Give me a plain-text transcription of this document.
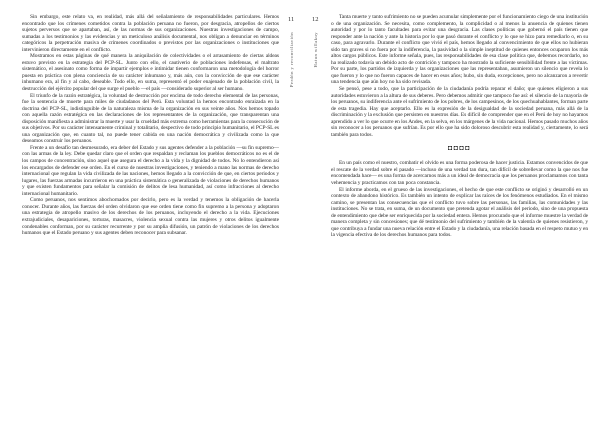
Sin embargo, este relato va, en realidad, más allá del señalamiento de responsabilidades particulares. Hemos encontrado que los crímenes cometidos contra la población peruana no fueron, por desgracia, atropellos de ciertos sujetos perversos que se apartaban, así, de las normas de sus organizaciones. Nuestras investigaciones de campo, sumadas a los testimonios y las evidencias y un meticuloso análisis documental, nos obligan a denunciar en términos categóricos la perpetración masiva de crímenes coordinados o previstos por las organizaciones o instituciones que intervinieron directamente en el conflicto.

Mostramos en estas páginas de qué manera la aniquilación de colectividades o el arrasamiento de ciertas aldeas estuvo previsto en la estrategia del PCP-SL. Junto con ello, el cautiverio de poblaciones indefensas, el maltrato sistemático, el asesinato como forma de impartir ejemplos e intimidar tienen conformaron una metodología del horror puesta en práctica con plena conciencia de su carácter inhumano y, más aún, con la convicción de que ese carácter inhumano era, al fin y al cabo, deseable. Todo ello, en suma, representó el poder enajenado de la población civil, la destrucción del ejército popular del que surge el pueblo —el país —considerado superior al ser humano.

El triunfo de la razón estratégica, la voluntad de destrucción por encima de todo derecho elemental de las personas, fue la sentencia de muerte para miles de ciudadanos del Perú. Esta voluntad la hemos encontrado enraizada en la doctrina del PCP-SL, indistinguible de la naturaleza misma de la organización en sus veinte años. Nos hemos topado con aquella razón estratégica en las declaraciones de los representantes de la organización, que transparentan una disposición manifiesta a administrar la muerte y usar la crueldad más extrema como herramientas para la consecución de sus objetivos. Por su carácter intensamente criminal y totalitario, despectivo de todo principio humanitario, el PCP-SL es una organización que, en cuanto tal, no puede tener cabida en una nación democrática y civilizada como la que deseamos construir los peruanos.

Frente a un desafío tan desmesurado, era deber del Estado y sus agentes defender a la población —su fin supremo— con las armas de la ley. Debe quedar claro que el orden que respaldan y reclaman los pueblos democráticos no es el de los campos de concentración, sino aquel que asegura el derecho a la vida y la dignidad de todos. No lo entendieron así los encargados de defender ese orden. En el curso de nuestras investigaciones, y teniendo a mano las normas de derecho internacional que regulan la vida civilizada de las naciones, hemos llegado a la convicción de que, en ciertos periodos y lugares, las fuerzas armadas incurrieron en una práctica sistemática o generalizada de violaciones de derechos humanos y que existen fundamentos para señalar la comisión de delitos de lesa humanidad, así como infracciones al derecho internacional humanitario.

Como peruanos, nos sentimos abochornados por decirlo, pero es la verdad y tenemos la obligación de hacerla conocer. Durante años, las fuerzas del orden olvidaron que ese orden tiene como fin supremo a la persona y adoptaron una estrategia de atropello masivo de los derechos de los peruanos, incluyendo el derecho a la vida. Ejecuciones extrajudiciales, desapariciones, torturas, masacres, violencia sexual contra las mujeres y otros delitos igualmente condenables conforman, por su carácter recurrente y por su amplia difusión, un patrón de violaciones de los derechos humanos que el Estado peruano y sus agentes deben reconocer para subsanar.

11
Perdón y reconciliación
12
Hatun willakuy

Tanta muerte y tanto sufrimiento no se pueden acumular simplemente por el funcionamiento ciego de una institución o de una organización. Se necesita, como complemento, la complicidad o al menos la anuencia de quienes tienen autoridad y por lo tanto facultades para evitar una desgracia. Las clases políticas que gobernó el país tienen que responder ante la nación y ante la historia por lo que pasó durante el conflicto y lo que se hizo para remediarlo o, en su caso, para agravarlo. Durante el conflicto que vivió el país, hemos llegado al convencimiento de que ellos no hubieran sido tan graves si no fuera por la indiferencia, la pasividad o la simple ineptitud de quienes entonces ocuparon los más altos cargos públicos. Este informe señala, pues, las responsabilidades de esa clase política que, debemos recordarlo, no ha realizado todavía un debido acto de contrición y tampoco ha mostrado la suficiente sensibilidad frente a las víctimas. Por su parte, los partidos de izquierda y las organizaciones que las representaban, asumieron un silencio que revela lo que fueron y lo que no fueron capaces de hacer en esos años; hubo, sin duda, excepciones, pero no alcanzaron a revertir una tendencia que aún hoy no ha sido revisada.

Se pensó, pese a todo, que la participación de la ciudadanía podría reparar el daño; que quienes eligieron a sus autoridades estuvieron a la altura de sus deberes. Pero debemos admitir que tampoco fue así: el silencio de la mayoría de los peruanos, su indiferencia ante el sufrimiento de los pobres, de los campesinos, de los quechuahablantes, forman parte de esta tragedia. Hay que aceptarlo. Ello es la expresión de la desigualdad de la sociedad peruana, más allá de la discriminación y la exclusión que persisten en nuestros días. Es difícil de comprender que en el Perú de hoy no hayamos aprendido a ver lo que ocurre en los Andes, en la selva, en los márgenes de la vida nacional. Hemos pasado muchos años sin reconocer a los peruanos que sufrían. Es por ello que ha sido doloroso descubrir esta realidad y, ciertamente, lo será también para todos.

◘◘◘◘

En un país como el nuestro, combatir el olvido es una forma poderosa de hacer justicia. Estamos convencidos de que el rescate de la verdad sobre el pasado —incluso de una verdad tan dura, tan difícil de sobrellevar como la que nos fue encomendada hace— es una forma de acercarnos más a un ideal de democracia que los peruanos proclamamos con tanta vehemencia y practicamos con tan poca constancia.

El informe aborda, en el grueso de las investigaciones, el hecho de que este conflicto se originó y desarrolló en un contexto de abandono histórico. Es también un intento de explicar las raíces de los fenómenos estudiados. En el mismo camino, se presentan las consecuencias que el conflicto tuvo sobre las personas, las familias, las comunidades y las instituciones. No se trata, en suma, de un documento que pretenda agotar el análisis del periodo, sino de una propuesta de entendimiento que debe ser enriquecida por la sociedad entera. Hemos procurado que el informe muestre la verdad de manera completa y sin concesiones; que dé testimonio del sufrimiento y también de la valentía de quienes resistieron, y que contribuya a fundar una nueva relación entre el Estado y la ciudadanía, una relación basada en el respeto mutuo y en la vigencia efectiva de los derechos humanos para todos.
